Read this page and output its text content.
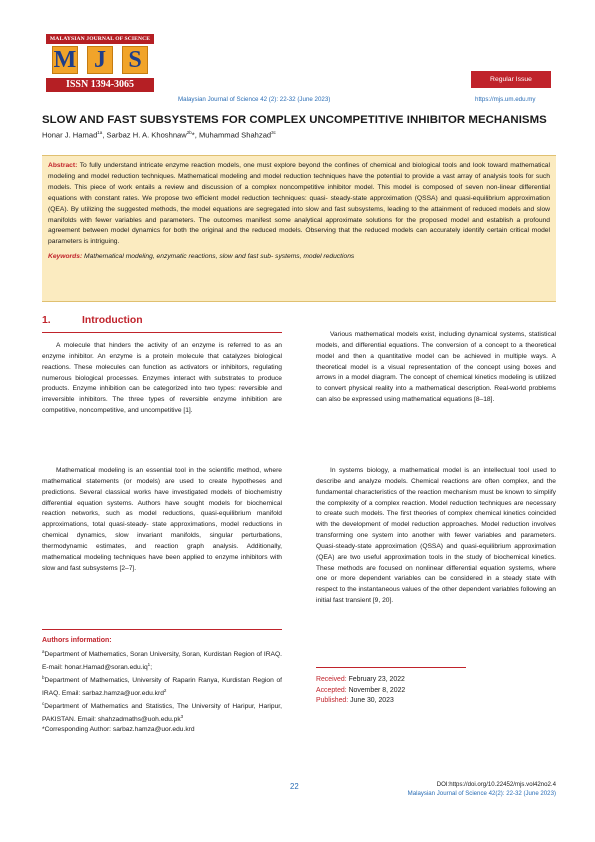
MALAYSIAN JOURNAL OF SCIENCE
M J S
ISSN 1394-3065	Regular Issue
Malaysian Journal of Science 42 (2): 22-32 (June 2023)	https://mjs.um.edu.my
SLOW AND FAST SUBSYSTEMS FOR COMPLEX UNCOMPETITIVE INHIBITOR MECHANISMS
Honar J. Hamad$^{1a}$, Sarbaz H. A. Khoshnaw$^{2b}$*, Muhammad Shahzad$^{3c}$
Abstract: To fully understand intricate enzyme reaction models, one must explore beyond the confines of chemical and biological tools and look toward mathematical modeling and model reduction techniques. Mathematical modeling and model reduction techniques have the potential to provide a vast array of analysis tools for such models. This piece of work entails a review and discussion of a complex noncompetitive inhibitor model. This model is composed of seven non-linear differential equations with constant rates. We propose two efficient model reduction techniques: quasi- steady-state approximation (QSSA) and quasi-equilibrium approximation (QEA). By utilizing the suggested methods, the model equations are segregated into slow and fast subsystems, leading to the attainment of reduced models and slow manifolds with fewer variables and parameters. The outcomes manifest some analytical approximate solutions for the proposed model and establish a profound agreement between model dynamics for both the original and the reduced models. Observing that the reduced models can accurately identify certain critical model parameters is intriguing.
Keywords: Mathematical modeling, enzymatic reactions, slow and fast sub- systems, model reductions
1.	Introduction

A molecule that hinders the activity of an enzyme is referred to as an enzyme inhibitor. An enzyme is a protein molecule that catalyzes biological reactions. These molecules can function as activators or inhibitors, regulating numerous biological processes. Enzymes interact with substrates to produce products. Enzyme inhibition can be categorized into two types: reversible and irreversible inhibitors. The three types of reversible enzyme inhibition are competitive, noncompetitive, and uncompetitive [1].

Mathematical modeling is an essential tool in the scientific method, where mathematical statements (or models) are used to create hypotheses and predictions. Several classical works have investigated models of biochemistry differential equation systems. Authors have sought models for biochemical reaction networks, such as model reductions, quasi-equilibrium manifold approximations, total quasi-steady- state approximations, model reductions in chemical dynamics, slow invariant manifolds, singular perturbations, thermodynamic estimates, and reaction graph analysis. Additionally, mathematical modeling techniques have been applied to enzyme inhibitors with slow and fast subsystems [2–7].

Various mathematical models exist, including dynamical systems, statistical models, and differential equations. The conversion of a concept to a theoretical model and then a quantitative model can be achieved in multiple ways. A theoretical model is a visual representation of the concept using boxes and arrows in a model diagram. The concept of chemical kinetics modeling is utilized to convert physical reality into a mathematical description. Real-world problems can also be expressed using mathematical equations [8–18].

In systems biology, a mathematical model is an intellectual tool used to describe and analyze models. Chemical reactions are often complex, and the fundamental characteristics of the reaction mechanism must be known to simplify the complexity of a complex reaction. Model reduction techniques are necessary to create such models. The first theories of complex chemical kinetics coincided with the development of model reduction approaches. Model reduction involves transforming one system into another with fewer variables and parameters. Quasi-steady-state approximation (QSSA) and quasi-equilibrium approximation (QEA) are two useful approximation tools in the study of biochemical kinetics. These methods are focused on nonlinear differential equation systems, where one or more dependent variables can be considered in a steady state with respect to the instantaneous values of the other dependent variables following an initial fast transient [9, 20].

Authors information:
$^a$Department of Mathematics, Soran University, Soran, Kurdistan Region of IRAQ. E-mail: $honar.Hamad@soran.edu.iq^1$;
$^b$Department of Mathematics, University of Raparin Ranya, Kurdistan Region of IRAQ. Email: sarbaz.hamza@uor.edu.krd$^2$
$^c$Department of Mathematics and Statistics, The University of Haripur, Haripur, PAKISTAN. Email: $shahzadmaths@uoh.edu.pk^3$
*Corresponding Author: sarbaz.hamza@uor.edu.krd
Received: February 23, 2022
Accepted: November 8, 2022
Published: June 30, 2023
22	DOI:https://doi.org/10.22452/mjs.vol42no2.4
Malaysian Journal of Science 42(2): 22-32 (June 2023)
